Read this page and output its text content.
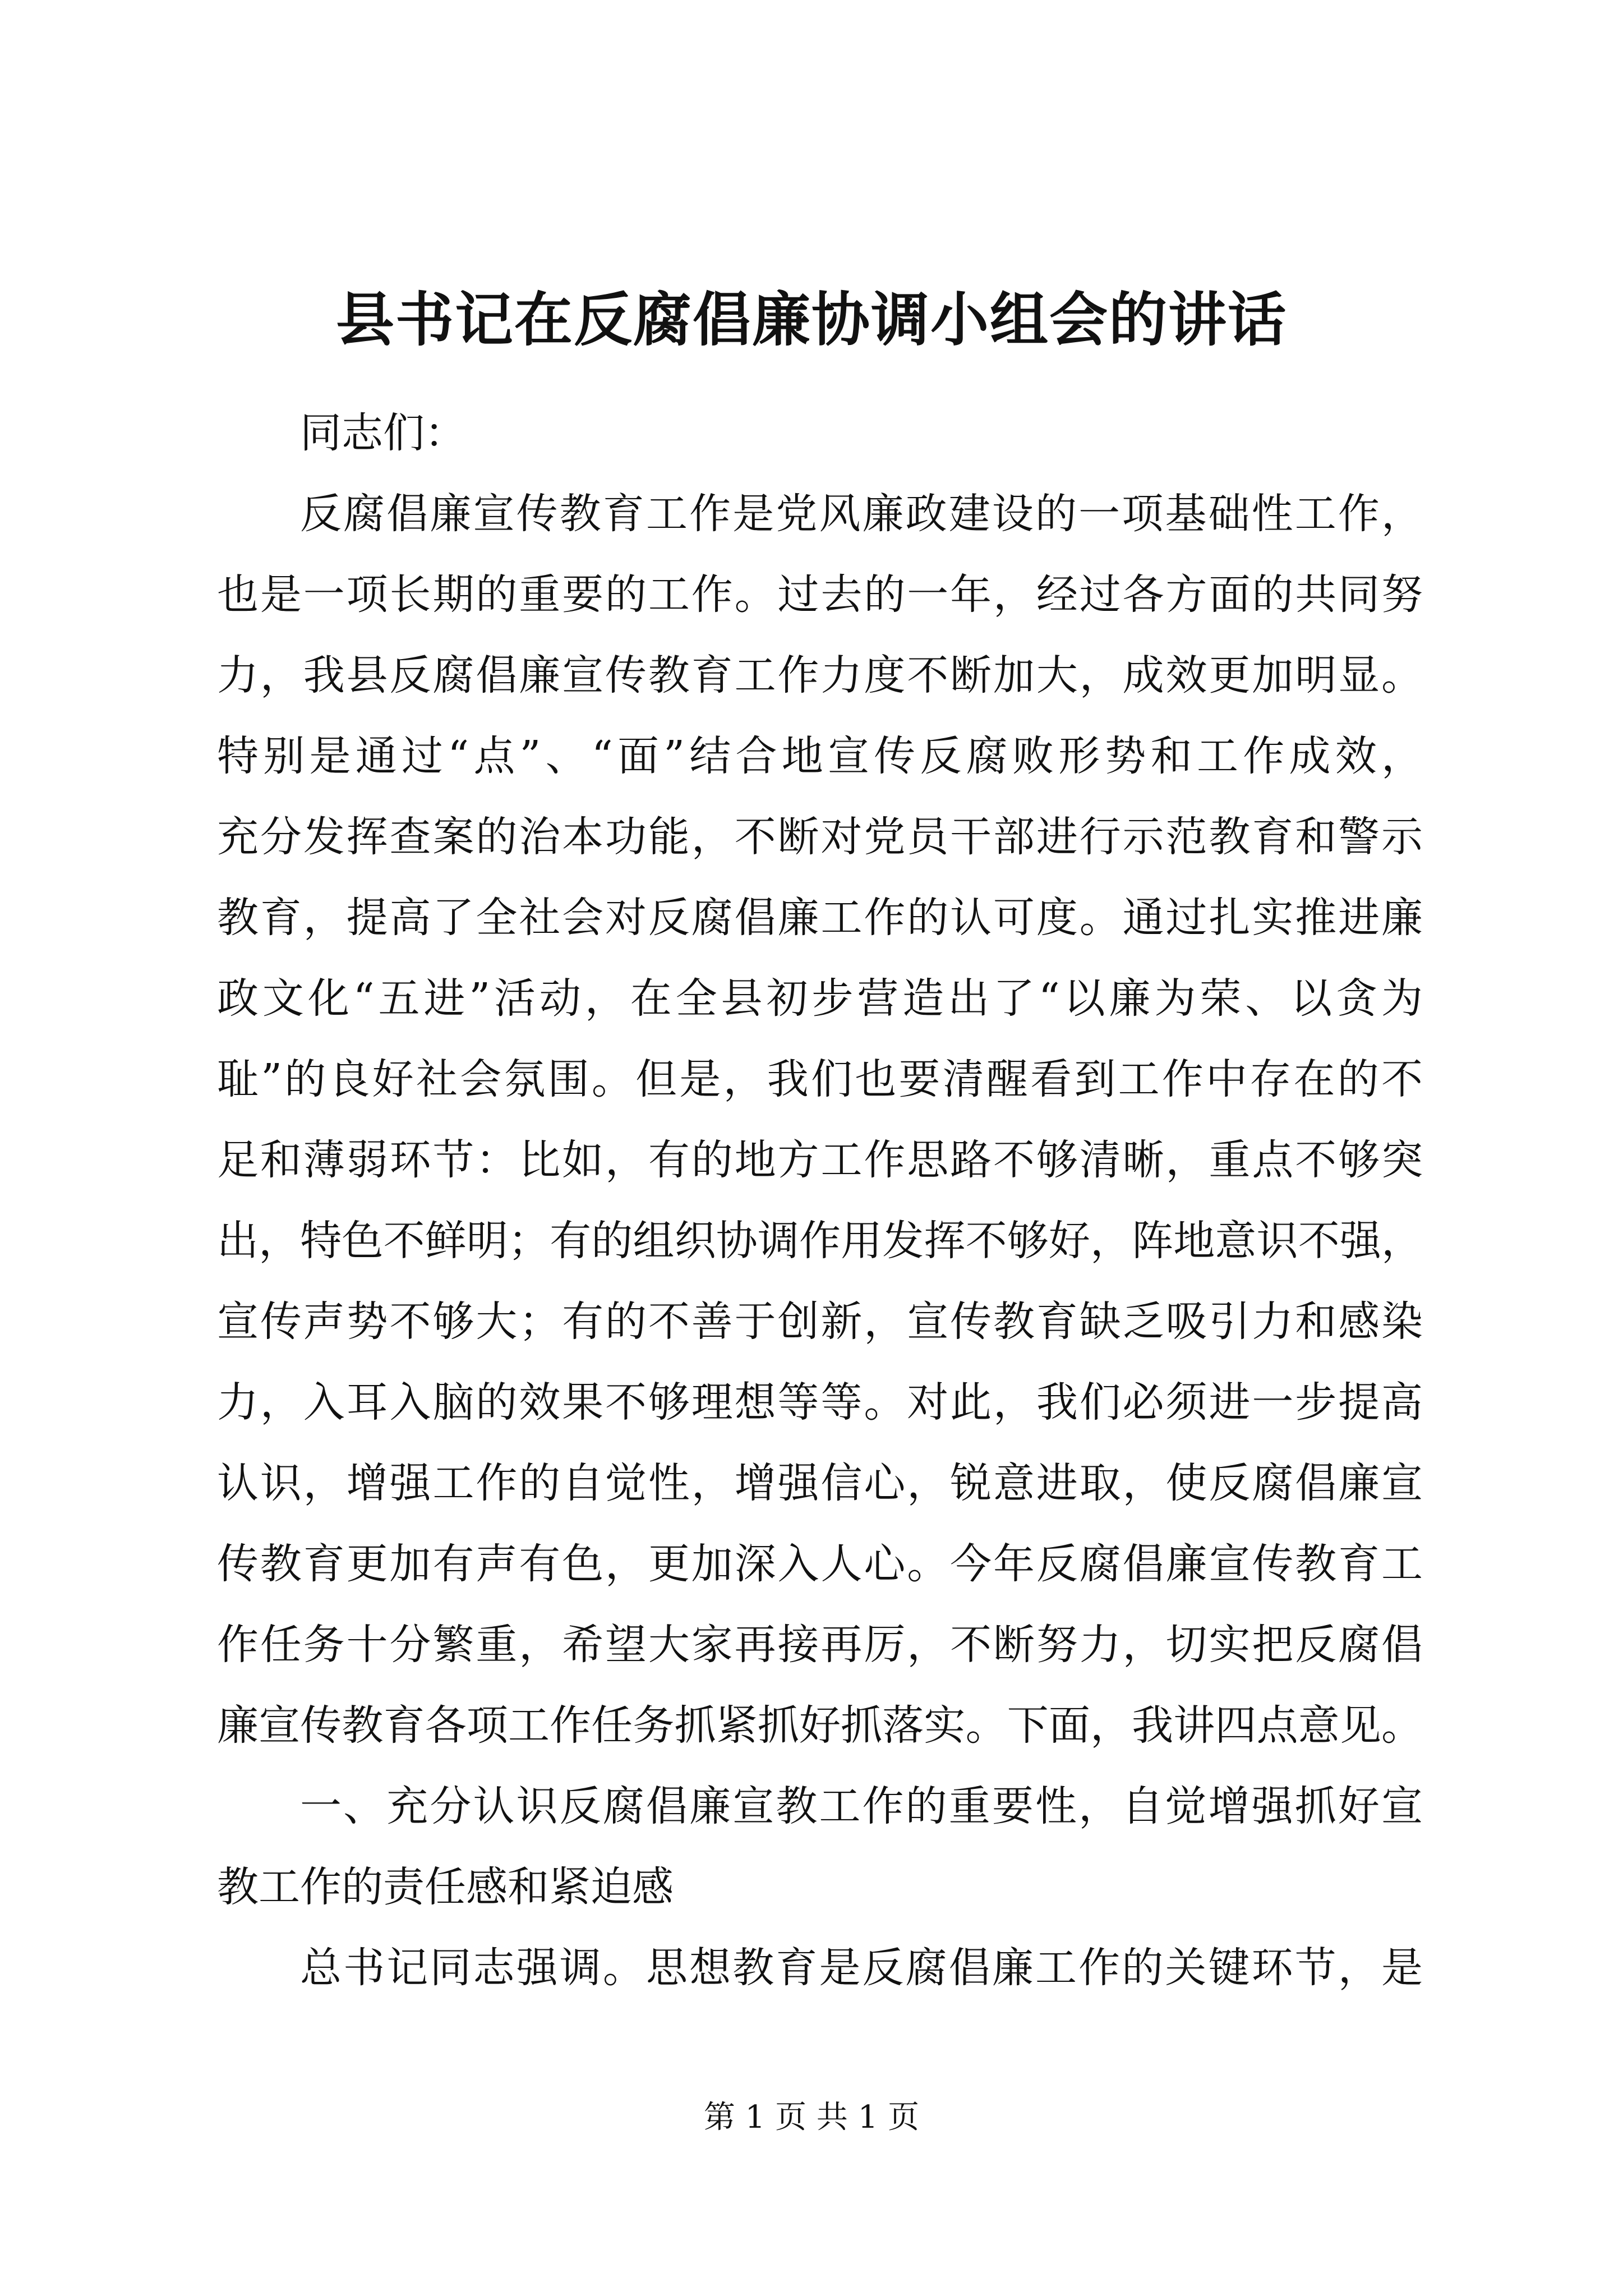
县书记在反腐倡廉协调小组会的讲话
同志们：
反腐倡廉宣传教育工作是党风廉政建设的一项基础性工作，
也是一项长期的重要的工作。过去的一年，经过各方面的共同努
力，我县反腐倡廉宣传教育工作力度不断加大，成效更加明显。
特别是通过“点”、“面”结合地宣传反腐败形势和工作成效，
充分发挥查案的治本功能，不断对党员干部进行示范教育和警示
教育，提高了全社会对反腐倡廉工作的认可度。通过扎实推进廉
政文化“五进”活动，在全县初步营造出了“以廉为荣、以贪为
耻”的良好社会氛围。但是，我们也要清醒看到工作中存在的不
足和薄弱环节：比如，有的地方工作思路不够清晰，重点不够突
出，特色不鲜明；有的组织协调作用发挥不够好，阵地意识不强，
宣传声势不够大；有的不善于创新，宣传教育缺乏吸引力和感染
力，入耳入脑的效果不够理想等等。对此，我们必须进一步提高
认识，增强工作的自觉性，增强信心，锐意进取，使反腐倡廉宣
传教育更加有声有色，更加深入人心。今年反腐倡廉宣传教育工
作任务十分繁重，希望大家再接再厉，不断努力，切实把反腐倡
廉宣传教育各项工作任务抓紧抓好抓落实。下面，我讲四点意见。
一、充分认识反腐倡廉宣教工作的重要性，自觉增强抓好宣
教工作的责任感和紧迫感
总书记同志强调。思想教育是反腐倡廉工作的关键环节，是
第 1 页 共 1 页
